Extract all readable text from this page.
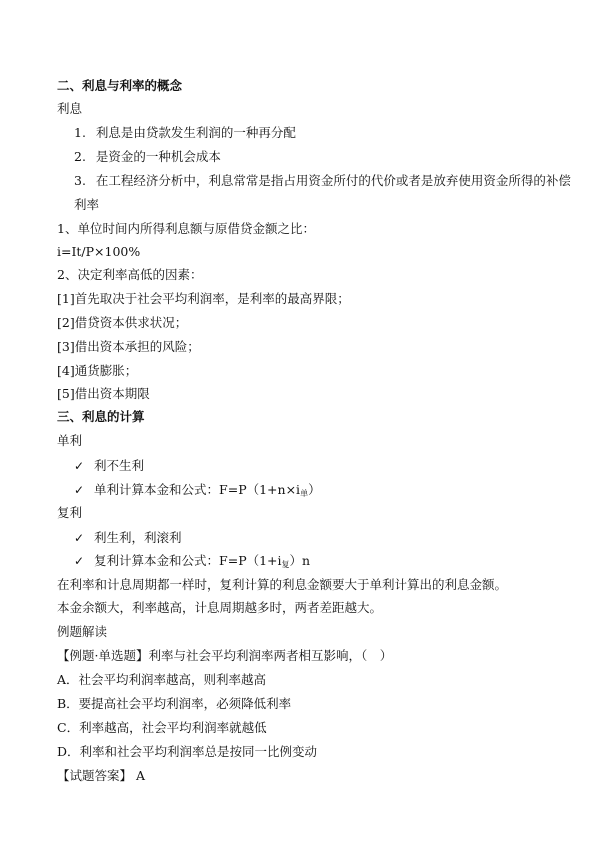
二、利息与利率的概念
利息
1. 利息是由贷款发生利润的一种再分配
2. 是资金的一种机会成本
3. 在工程经济分析中，利息常常是指占用资金所付的代价或者是放弃使用资金所得的补偿
利率
1、单位时间内所得利息额与原借贷金额之比：
i=It/P×100%
2、决定利率高低的因素：
[1]首先取决于社会平均利润率，是利率的最高界限；
[2]借贷资本供求状况；
[3]借出资本承担的风险；
[4]通货膨胀；
[5]借出资本期限
三、利息的计算
单利
✓ 利不生利
✓ 单利计算本金和公式：F=P（1+n×i单）
复利
✓ 利生利，利滚利
✓ 复利计算本金和公式：F=P（1+i复）n
在利率和计息周期都一样时，复利计算的利息金额要大于单利计算出的利息金额。
本金余额大，利率越高，计息周期越多时，两者差距越大。
例题解读
【例题·单选题】利率与社会平均利润率两者相互影响，（　）
A．社会平均利润率越高，则利率越高
B．要提高社会平均利润率，必须降低利率
C．利率越高，社会平均利润率就越低
D．利率和社会平均利润率总是按同一比例变动
【试题答案】 A
